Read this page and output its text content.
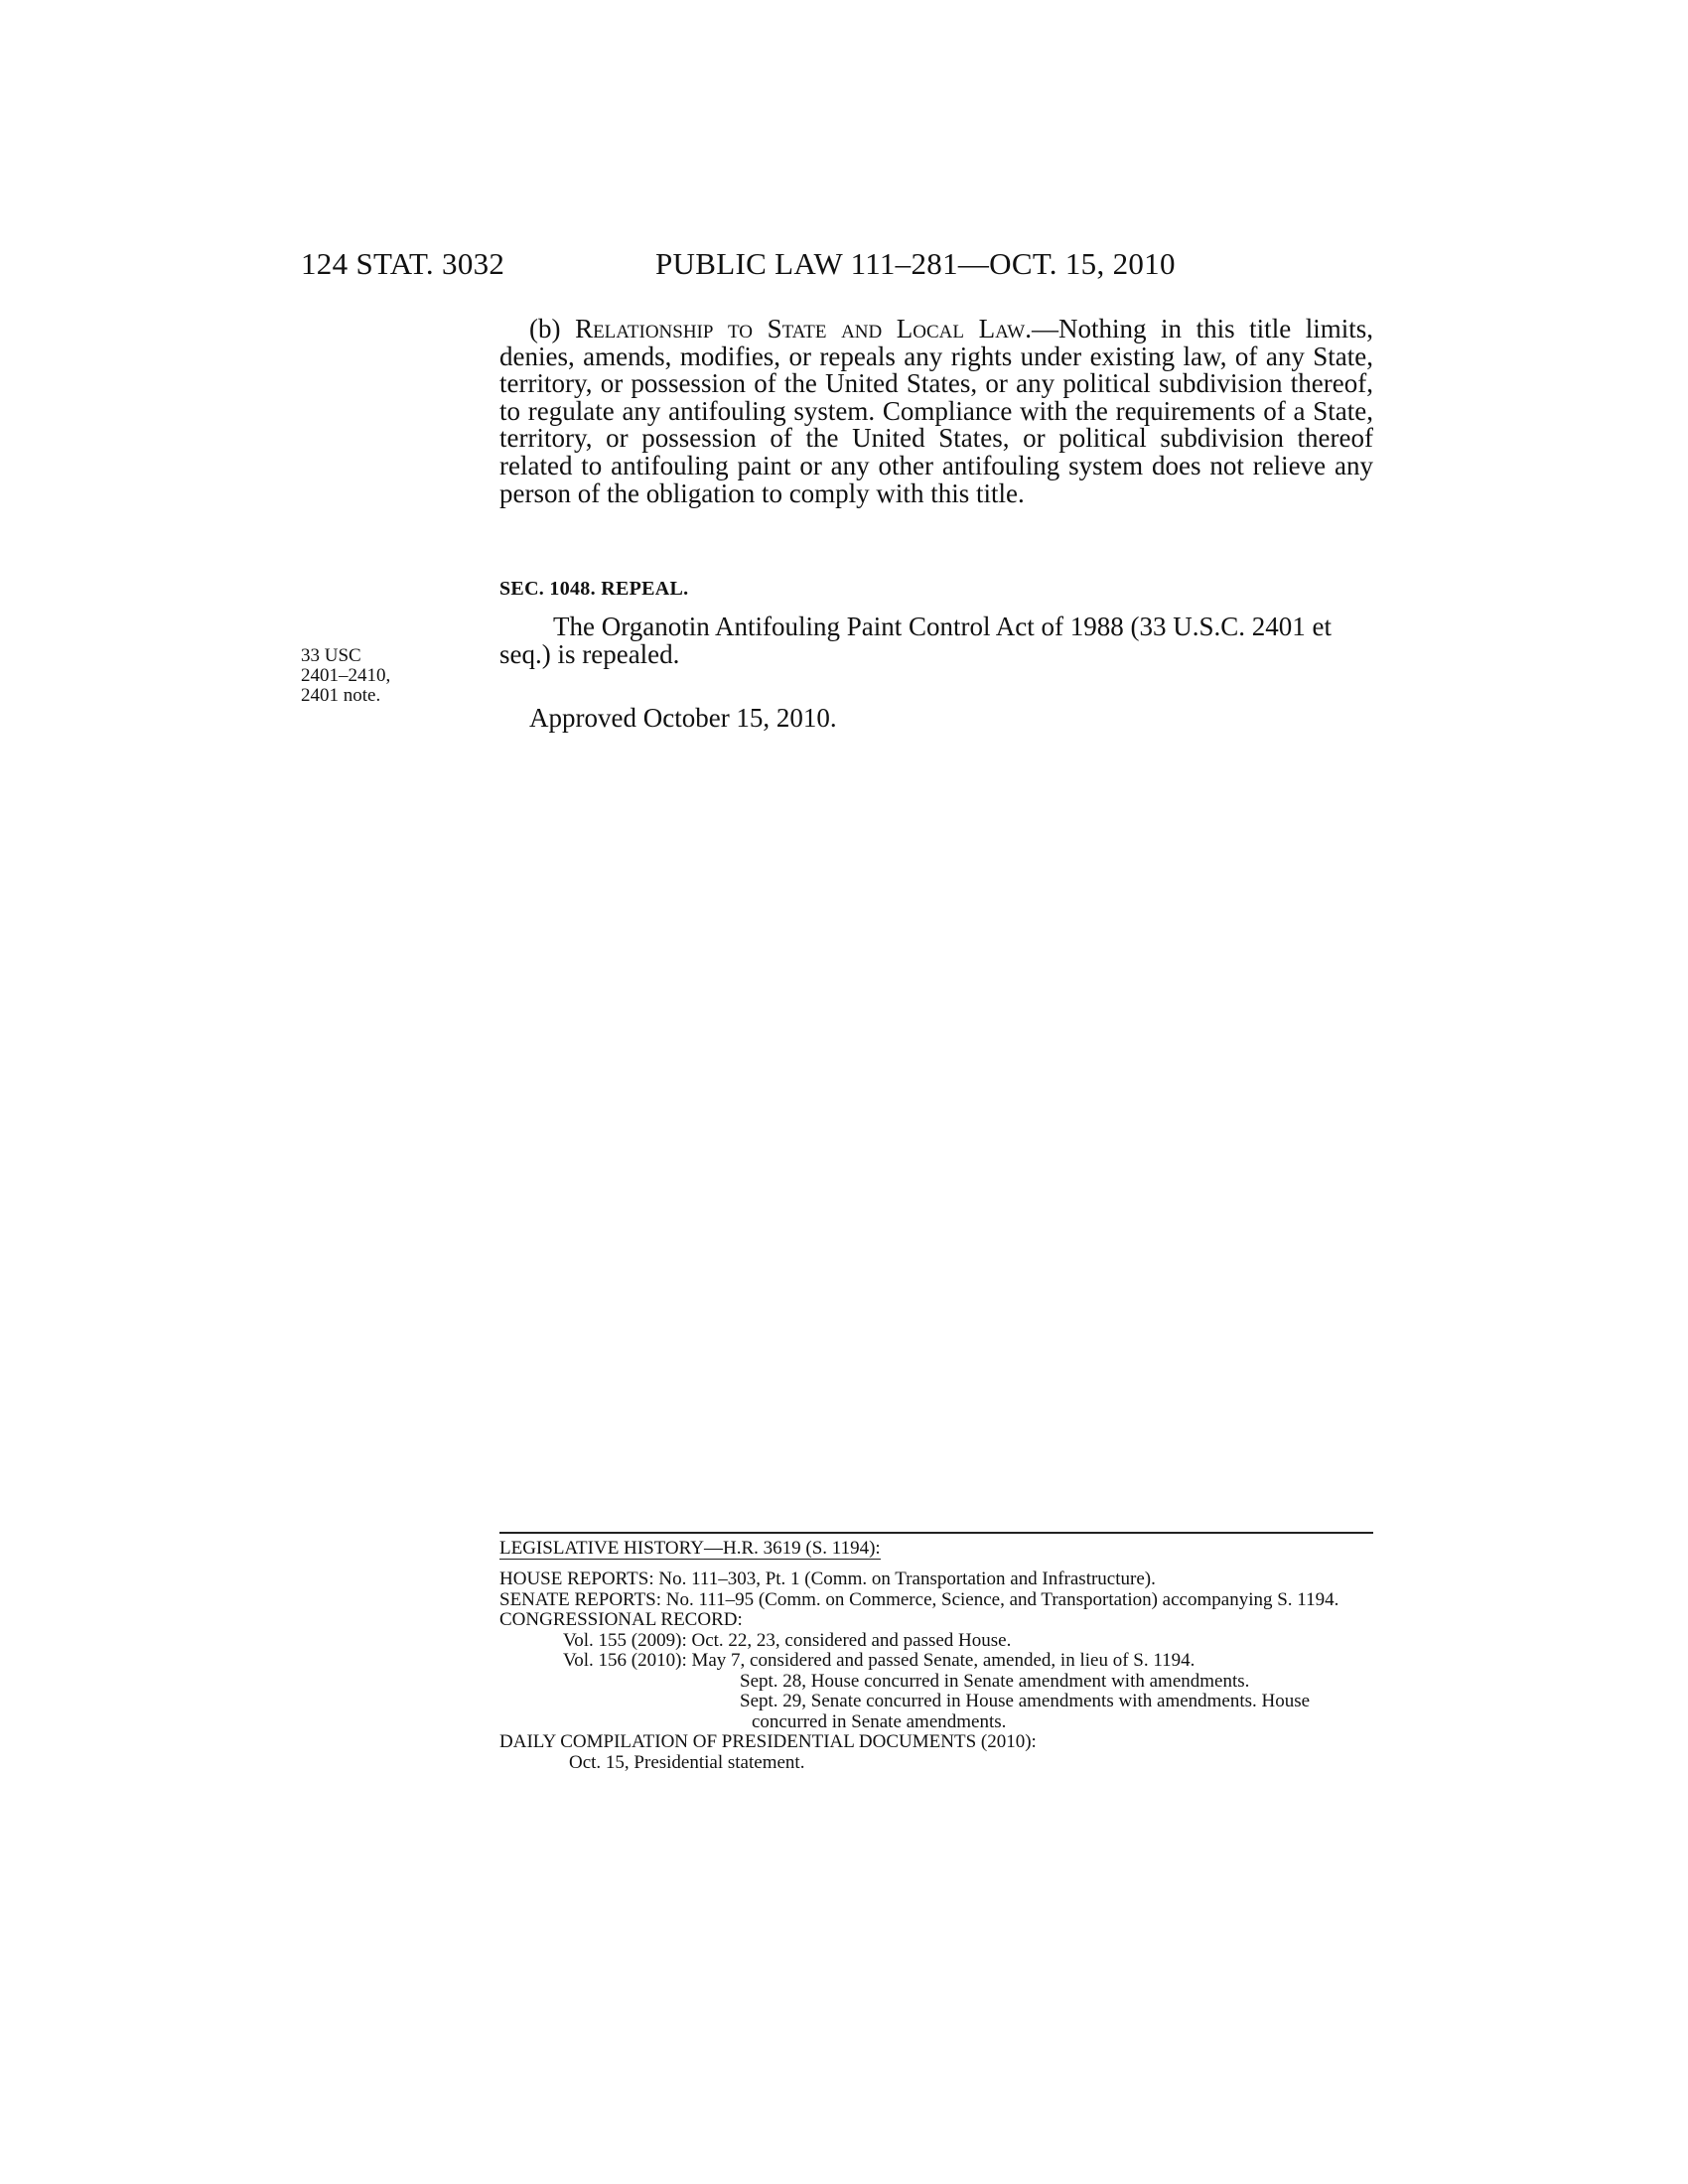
124 STAT. 3032	PUBLIC LAW 111–281—OCT. 15, 2010
(b) Relationship to State and Local Law.—Nothing in this title limits, denies, amends, modifies, or repeals any rights under existing law, of any State, territory, or possession of the United States, or any political subdivision thereof, to regulate any antifouling system. Compliance with the requirements of a State, territory, or possession of the United States, or political subdivision thereof related to antifouling paint or any other antifouling system does not relieve any person of the obligation to comply with this title.
SEC. 1048. REPEAL.
The Organotin Antifouling Paint Control Act of 1988 (33 U.S.C. 2401 et seq.) is repealed.
33 USC
2401–2410,
2401 note.
Approved October 15, 2010.
LEGISLATIVE HISTORY—H.R. 3619 (S. 1194):
HOUSE REPORTS: No. 111–303, Pt. 1 (Comm. on Transportation and Infrastructure).
SENATE REPORTS: No. 111–95 (Comm. on Commerce, Science, and Transportation) accompanying S. 1194.
CONGRESSIONAL RECORD:
Vol. 155 (2009): Oct. 22, 23, considered and passed House.
Vol. 156 (2010): May 7, considered and passed Senate, amended, in lieu of S. 1194.
Sept. 28, House concurred in Senate amendment with amendments.
Sept. 29, Senate concurred in House amendments with amendments. House concurred in Senate amendments.
DAILY COMPILATION OF PRESIDENTIAL DOCUMENTS (2010):
Oct. 15, Presidential statement.
